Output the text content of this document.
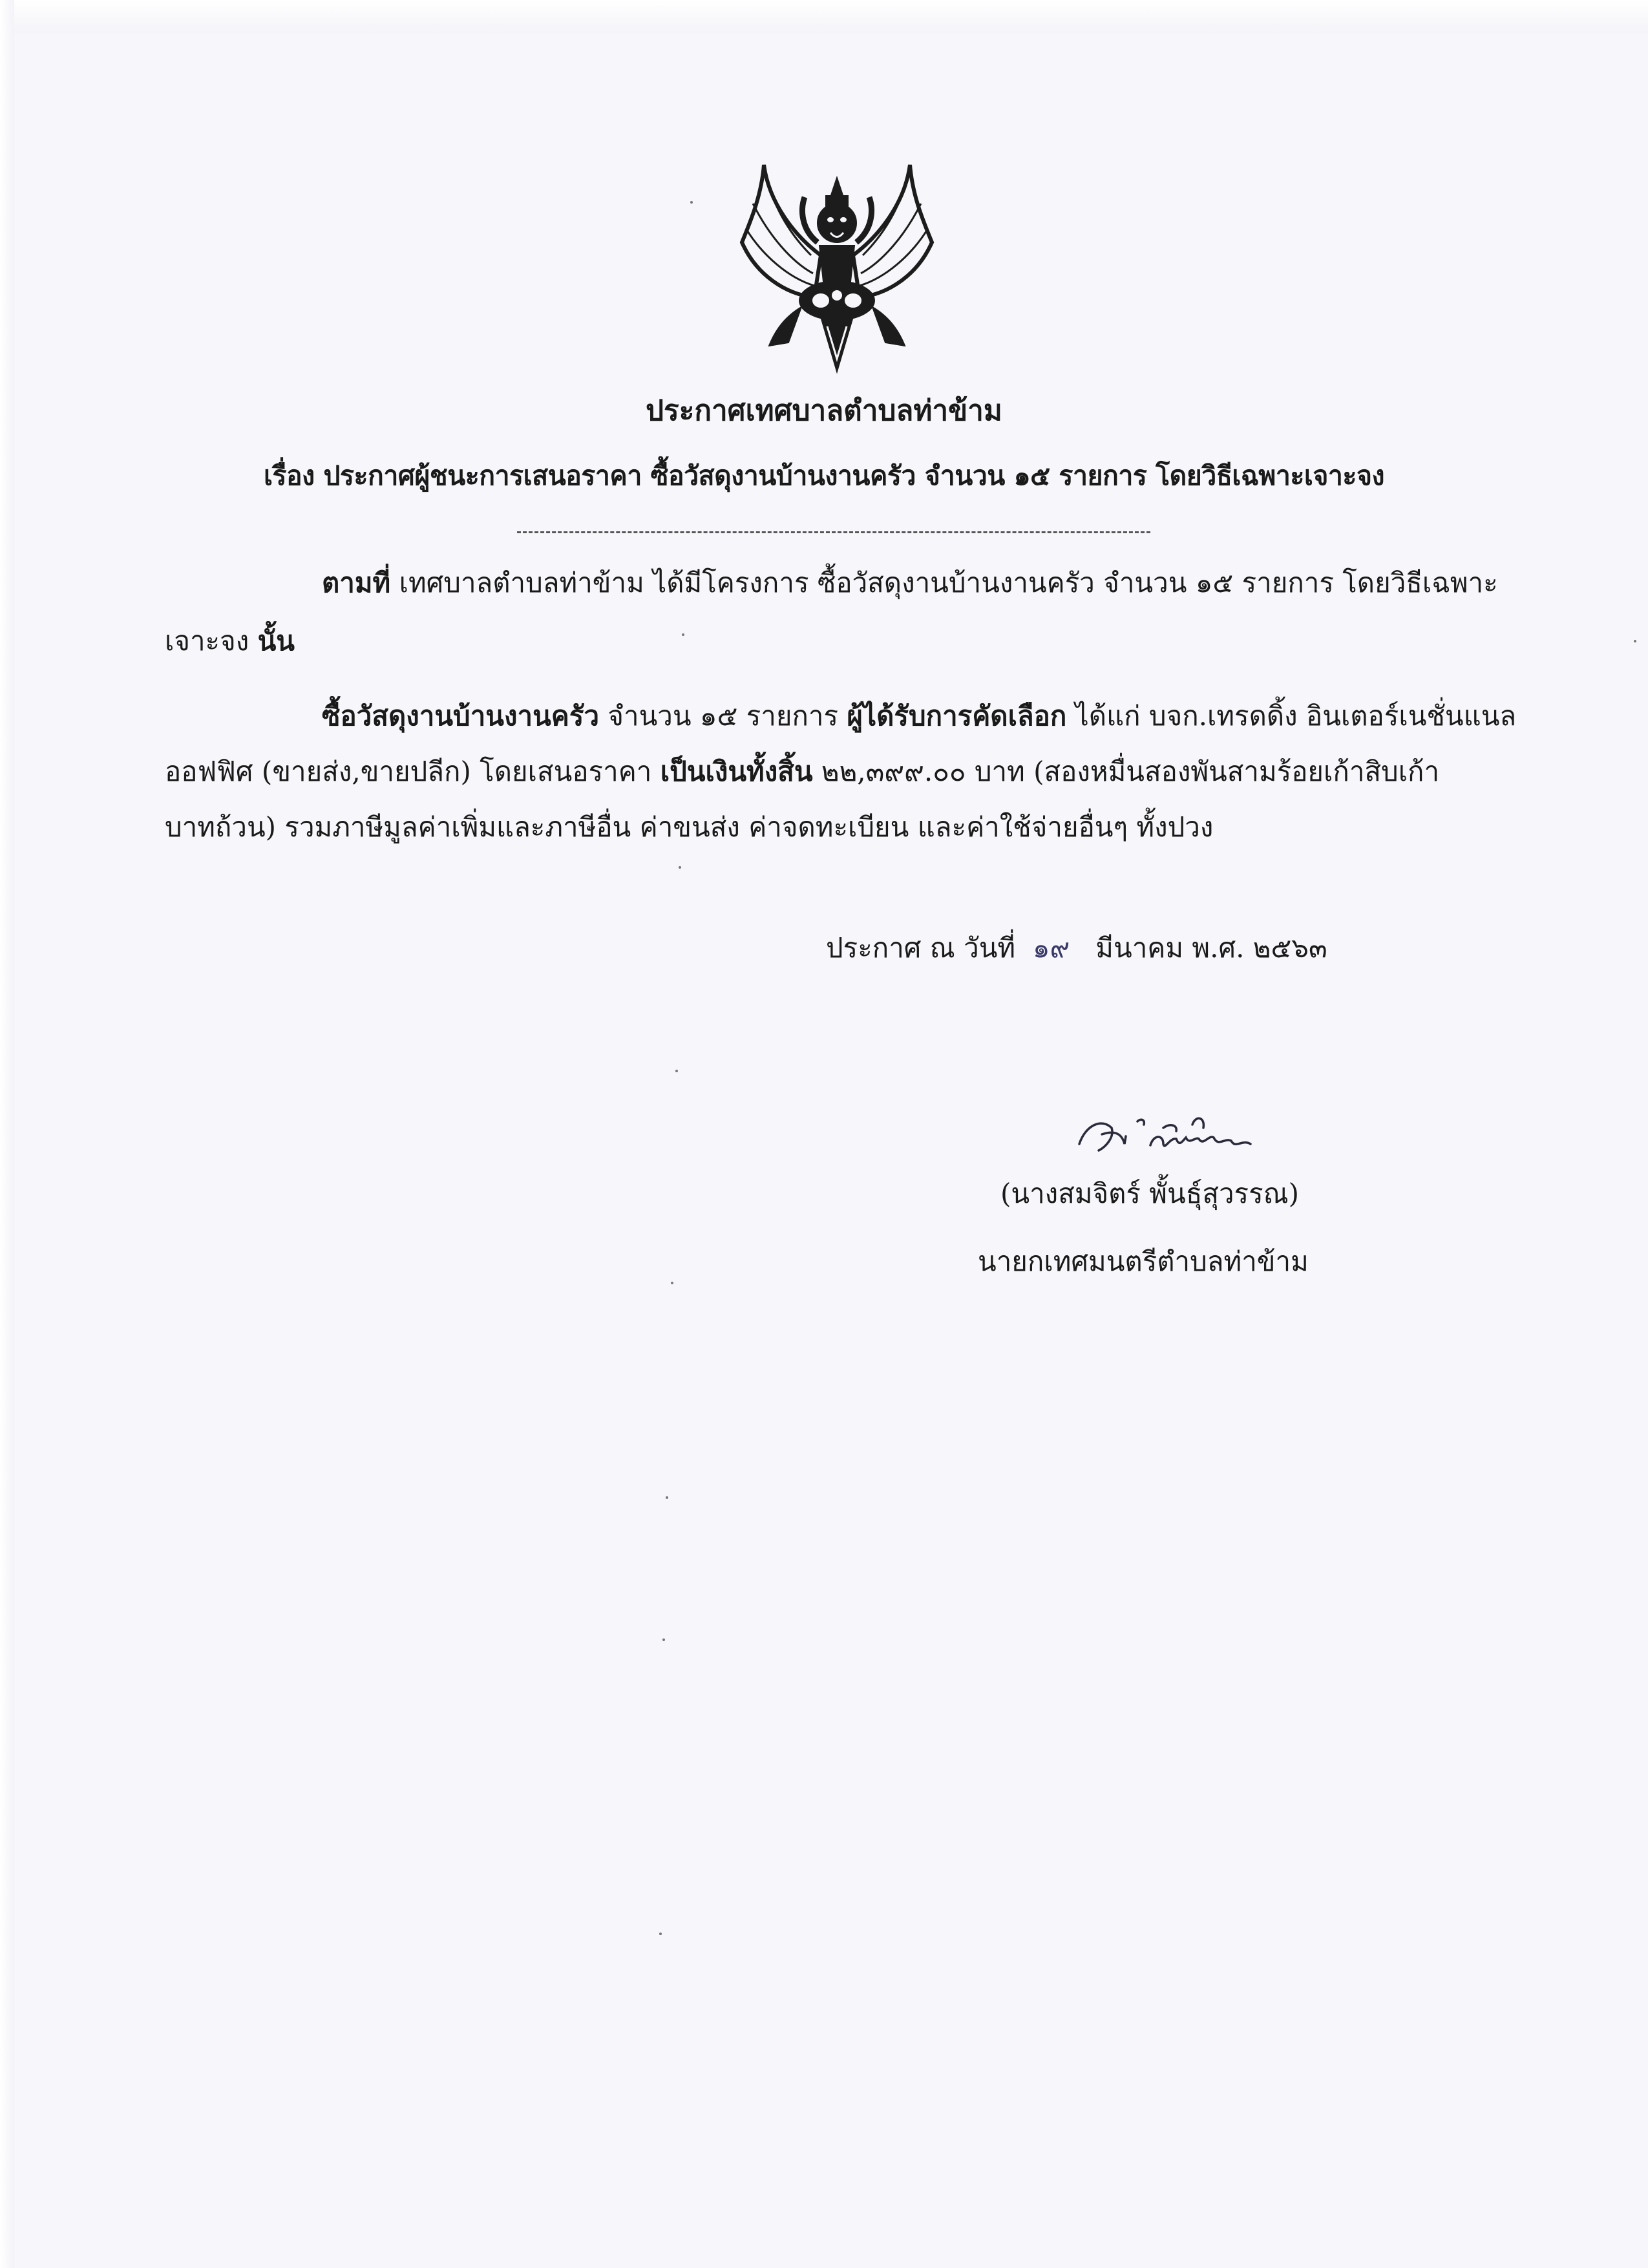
ประกาศเทศบาลตำบลท่าข้าม
เรื่อง ประกาศผู้ชนะการเสนอราคา ซื้อวัสดุงานบ้านงานครัว จำนวน ๑๕ รายการ โดยวิธีเฉพาะเจาะจง
ตามที่ เทศบาลตำบลท่าข้าม ได้มีโครงการ ซื้อวัสดุงานบ้านงานครัว จำนวน ๑๕ รายการ โดยวิธีเฉพาะ
เจาะจง นั้น
ซื้อวัสดุงานบ้านงานครัว จำนวน ๑๕ รายการ ผู้ได้รับการคัดเลือก ได้แก่ บจก.เทรดดิ้ง อินเตอร์เนชั่นแนล
ออฟฟิศ (ขายส่ง,ขายปลีก) โดยเสนอราคา เป็นเงินทั้งสิ้น ๒๒,๓๙๙.๐๐ บาท (สองหมื่นสองพันสามร้อยเก้าสิบเก้า
บาทถ้วน) รวมภาษีมูลค่าเพิ่มและภาษีอื่น ค่าขนส่ง ค่าจดทะเบียน และค่าใช้จ่ายอื่นๆ ทั้งปวง
ประกาศ ณ วันที่ ๑๙ มีนาคม พ.ศ. ๒๕๖๓
(นางสมจิตร์ พั้นธุ์สุวรรณ)
นายกเทศมนตรีตำบลท่าข้าม
